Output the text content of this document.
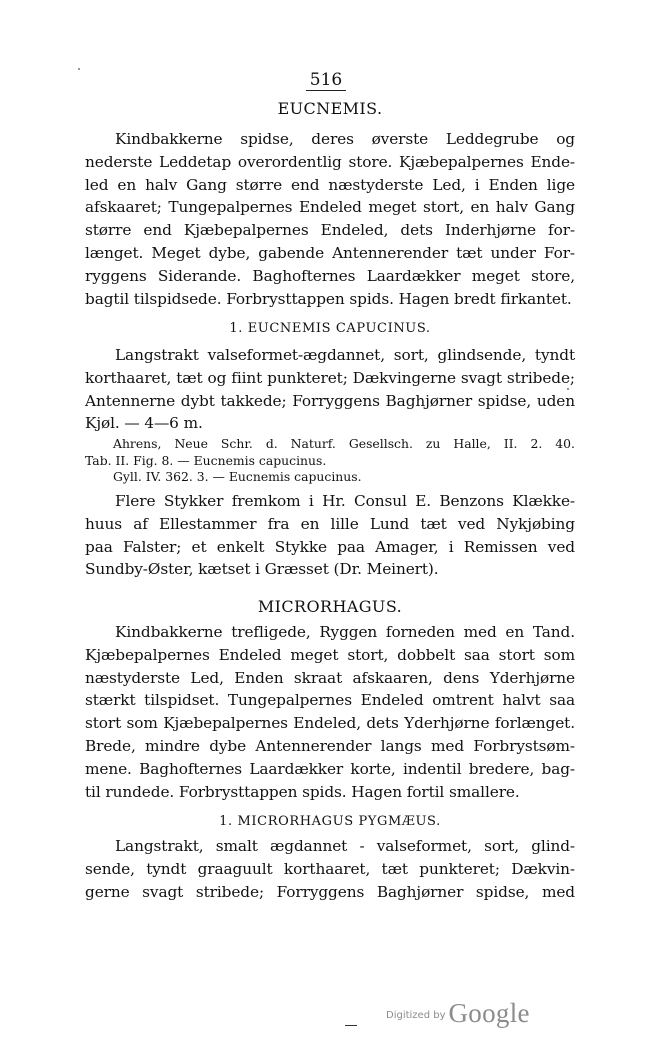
516
EUCNEMIS.
Kindbakkerne spidse, deres øverste Leddegrube og
nederste Leddetap overordentlig store. Kjæbepalpernes Ende-
led en halv Gang større end næstyderste Led, i Enden lige
afskaaret; Tungepalpernes Endeled meget stort, en halv Gang
større end Kjæbepalpernes Endeled, dets Inderhjørne for-
længet. Meget dybe, gabende Antennerender tæt under For-
ryggens Siderande. Baghofternes Laardækker meget store,
bagtil tilspidsede. Forbrysttappen spids. Hagen bredt firkantet.
1. EUCNEMIS CAPUCINUS.
Langstrakt valseformet-ægdannet, sort, glindsende, tyndt
korthaaret, tæt og fiint punkteret; Dækvingerne svagt stribede;
Antennerne dybt takkede; Forryggens Baghjørner spidse, uden
Kjøl. — 4—6 m.
Ahrens, Neue Schr. d. Naturf. Gesellsch. zu Halle, II. 2. 40.
Tab. II. Fig. 8. — Eucnemis capucinus.
Gyll. IV. 362. 3. — Eucnemis capucinus.
Flere Stykker fremkom i Hr. Consul E. Benzons Klække-
huus af Ellestammer fra en lille Lund tæt ved Nykjøbing
paa Falster; et enkelt Stykke paa Amager, i Remissen ved
Sundby-Øster, kætset i Græsset (Dr. Meinert).
MICRORHAGUS.
Kindbakkerne trefligede, Ryggen forneden med en Tand.
Kjæbepalpernes Endeled meget stort, dobbelt saa stort som
næstyderste Led, Enden skraat afskaaren, dens Yderhjørne
stærkt tilspidset. Tungepalpernes Endeled omtrent halvt saa
stort som Kjæbepalpernes Endeled, dets Yderhjørne forlænget.
Brede, mindre dybe Antennerender langs med Forbrystsøm-
mene. Baghofternes Laardækker korte, indentil bredere, bag-
til rundede. Forbrysttappen spids. Hagen fortil smallere.
1. MICRORHAGUS PYGMÆUS.
Langstrakt, smalt ægdannet - valseformet, sort, glind-
sende, tyndt graaguult korthaaret, tæt punkteret; Dækvin-
gerne svagt stribede; Forryggens Baghjørner spidse, med
$^{Digitized by}$ Google
